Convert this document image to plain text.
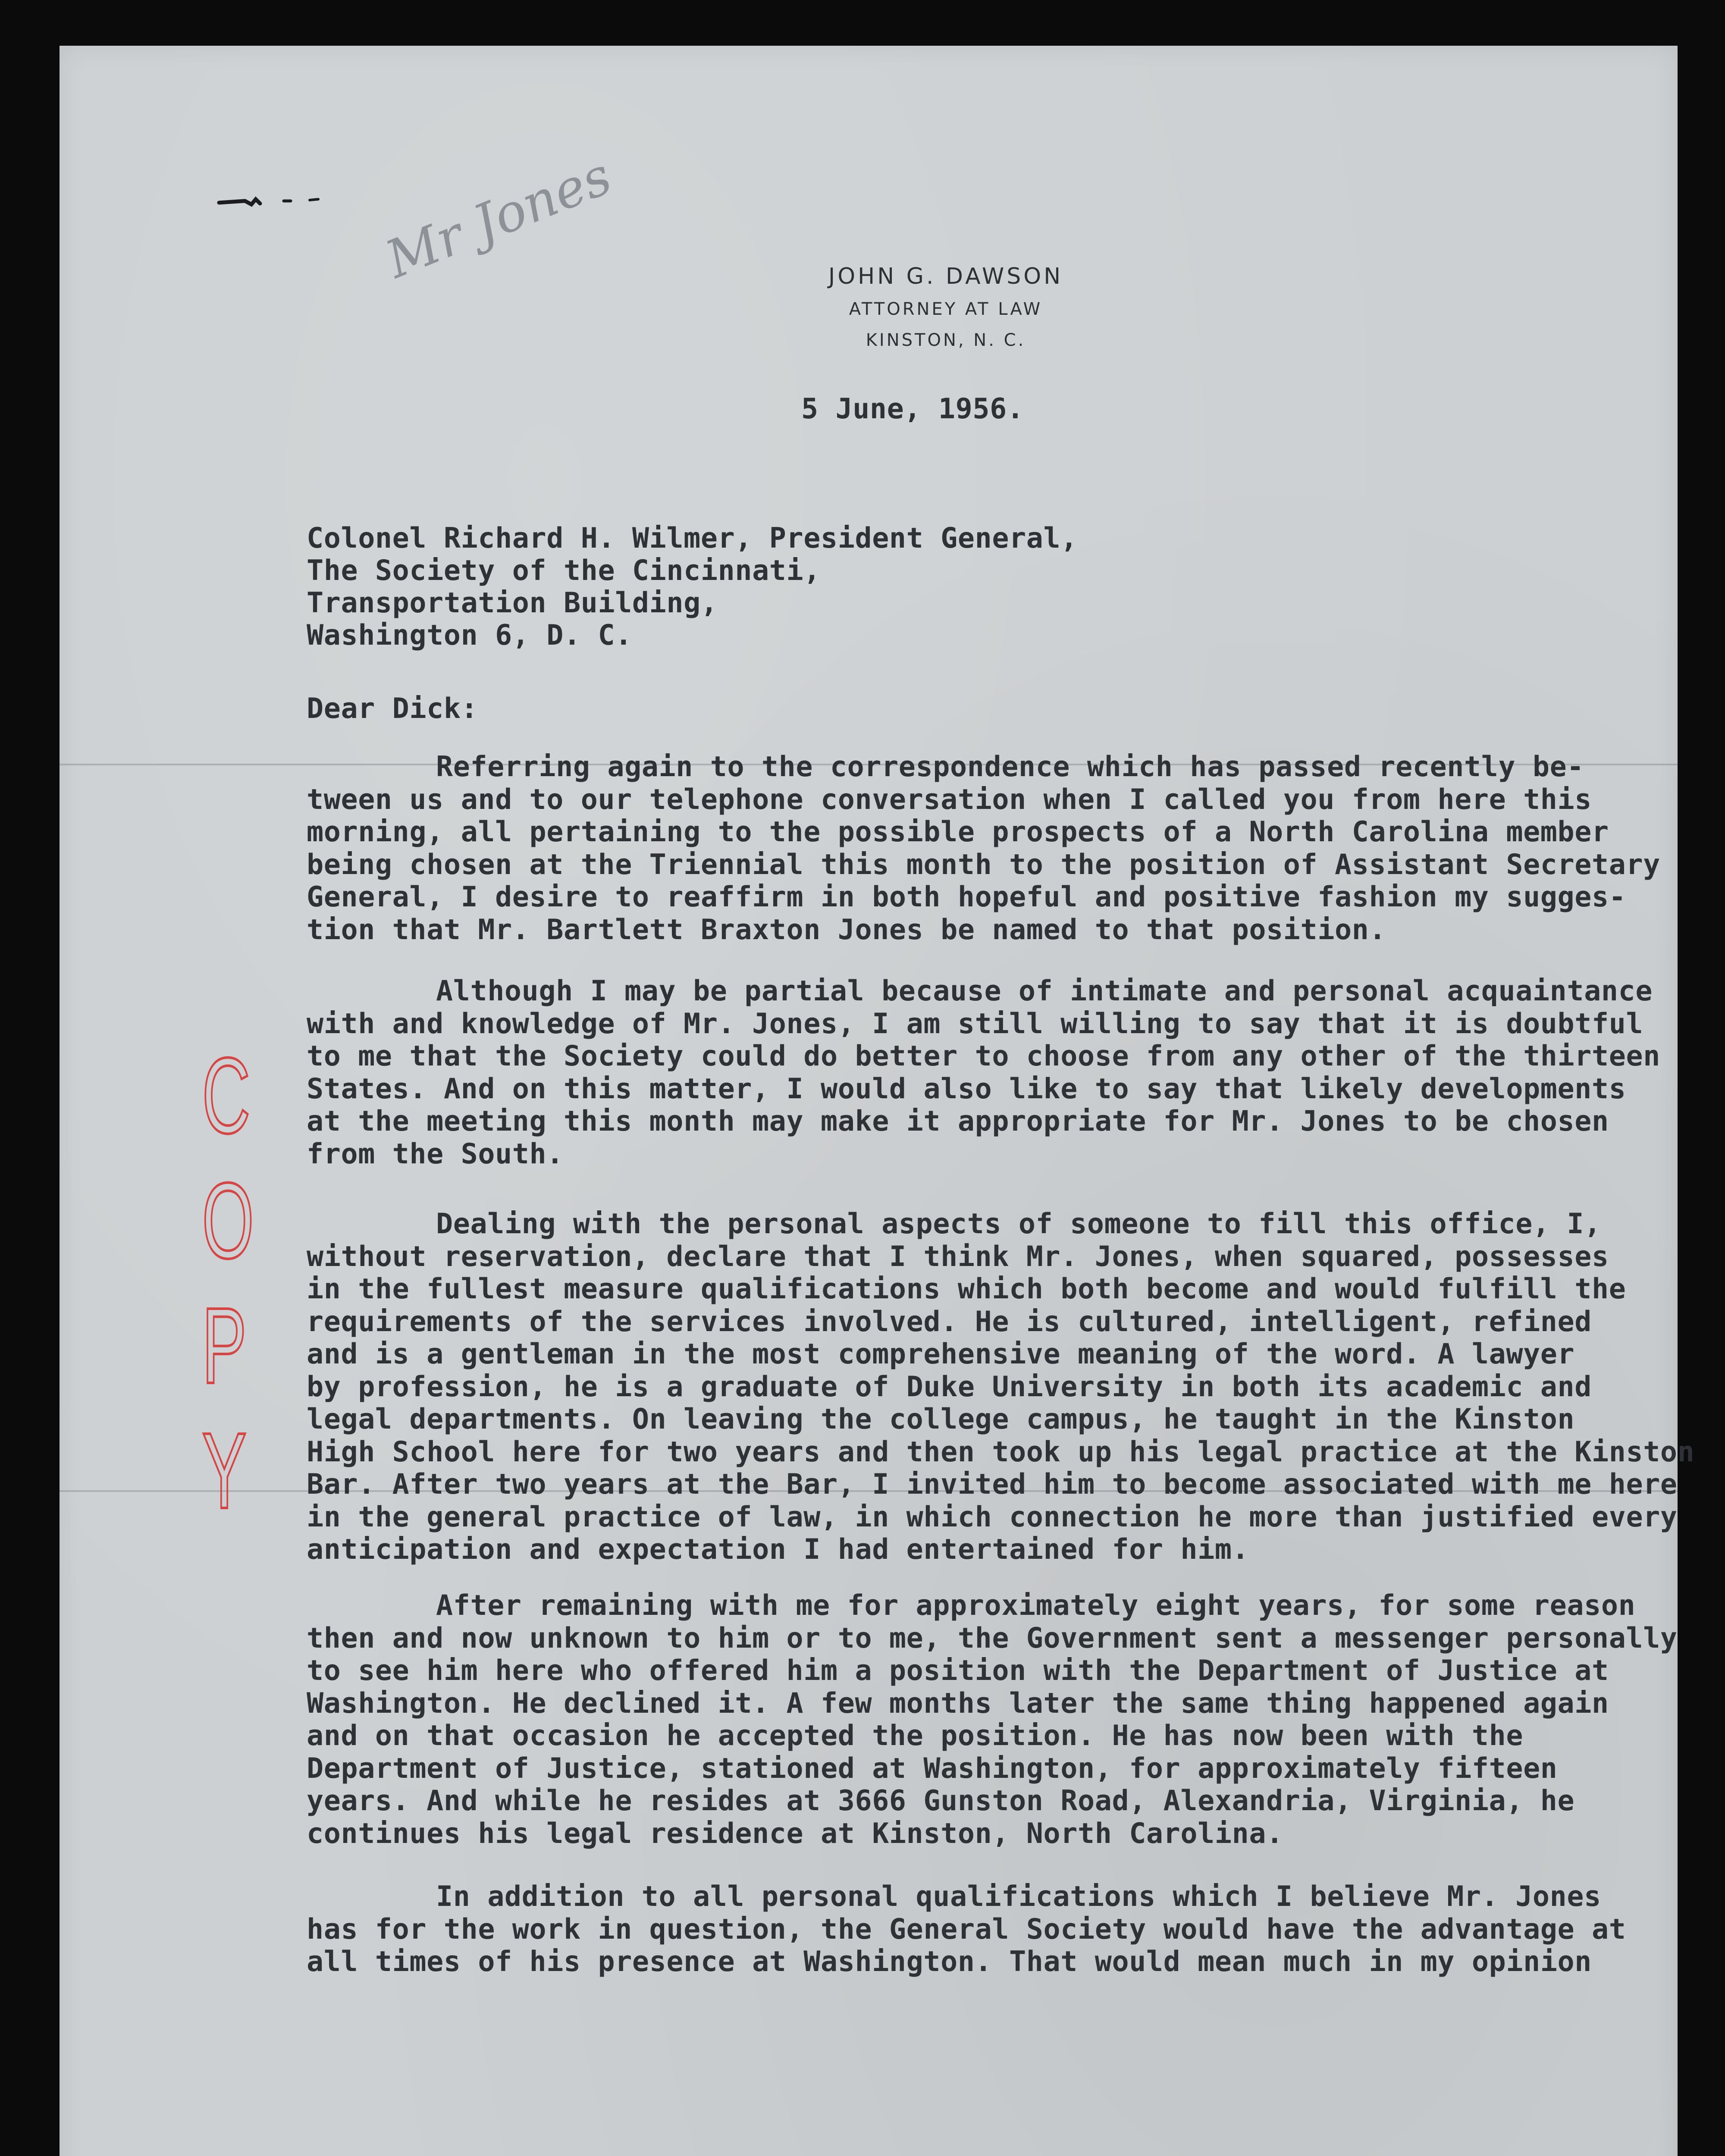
Mr Jones	JOHN G. DAWSON
ATTORNEY AT LAW
KINSTON, N. C.
5 June, 1956.
Colonel Richard H. Wilmer, President General,
The Society of the Cincinnati,
Transportation Building,
Washington 6, D. C.
Dear Dick:
Referring again to the correspondence which has passed recently be-
tween us and to our telephone conversation when I called you from here this
morning, all pertaining to the possible prospects of a North Carolina member
being chosen at the Triennial this month to the position of Assistant Secretary
General, I desire to reaffirm in both hopeful and positive fashion my sugges-
tion that Mr. Bartlett Braxton Jones be named to that position.
Although I may be partial because of intimate and personal acquaintance
with and knowledge of Mr. Jones, I am still willing to say that it is doubtful
to me that the Society could do better to choose from any other of the thirteen
States. And on this matter, I would also like to say that likely developments
at the meeting this month may make it appropriate for Mr. Jones to be chosen
from the South.
Dealing with the personal aspects of someone to fill this office, I,
without reservation, declare that I think Mr. Jones, when squared, possesses
in the fullest measure qualifications which both become and would fulfill the
requirements of the services involved. He is cultured, intelligent, refined
and is a gentleman in the most comprehensive meaning of the word. A lawyer
by profession, he is a graduate of Duke University in both its academic and
legal departments. On leaving the college campus, he taught in the Kinston
High School here for two years and then took up his legal practice at the Kinston
Bar. After two years at the Bar, I invited him to become associated with me here
in the general practice of law, in which connection he more than justified every
anticipation and expectation I had entertained for him.
After remaining with me for approximately eight years, for some reason
then and now unknown to him or to me, the Government sent a messenger personally
to see him here who offered him a position with the Department of Justice at
Washington. He declined it. A few months later the same thing happened again
and on that occasion he accepted the position. He has now been with the
Department of Justice, stationed at Washington, for approximately fifteen
years. And while he resides at 3666 Gunston Road, Alexandria, Virginia, he
continues his legal residence at Kinston, North Carolina.
In addition to all personal qualifications which I believe Mr. Jones
has for the work in question, the General Society would have the advantage at
all times of his presence at Washington. That would mean much in my opinion
C
O
P
Y
